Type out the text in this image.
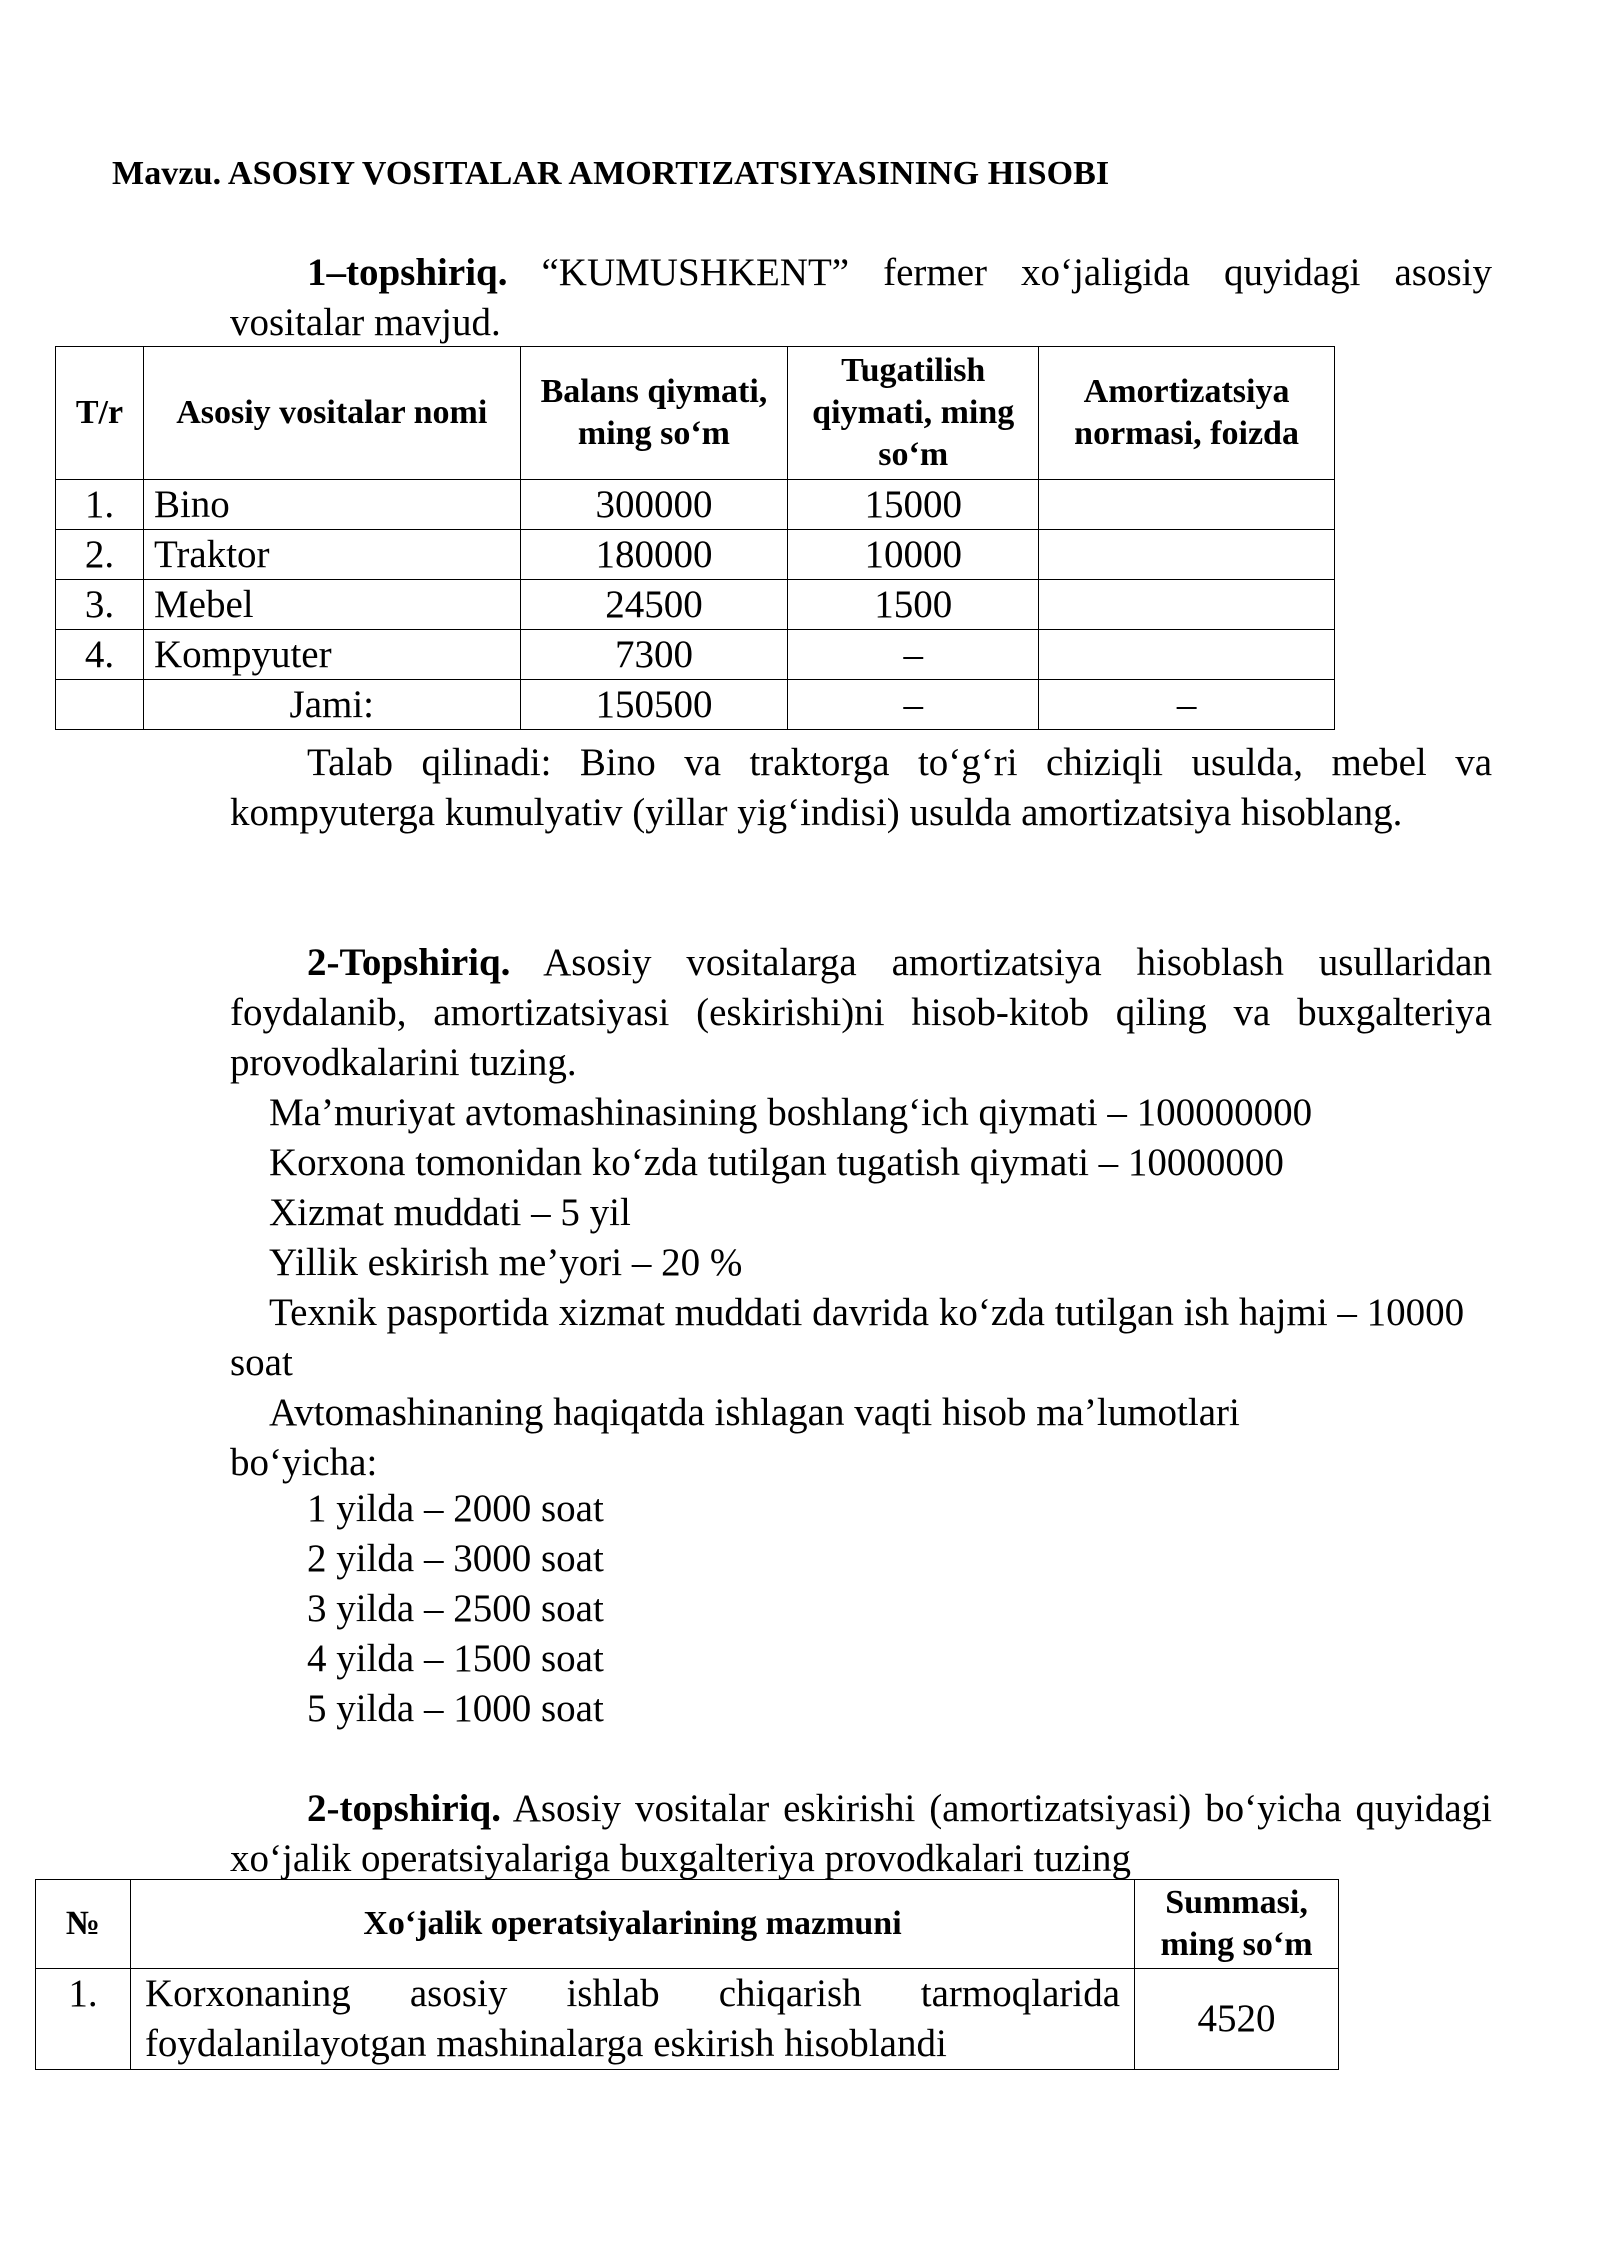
Mavzu. ASOSIY VOSITALAR AMORTIZATSIYASINING HISOBI

1–topshiriq. “KUMUSHKENT” fermer xo‘jaligida quyidagi asosiy vositalar mavjud.

Talab qilinadi: Bino va traktorga to‘g‘ri chiziqli usulda, mebel va kompyuterga kumulyativ (yillar yig‘indisi) usulda amortizatsiya hisoblang.

2-Topshiriq. Asosiy vositalarga amortizatsiya hisoblash usullaridan foydalanib, amortizatsiyasi (eskirishi)ni hisob-kitob qiling va buxgalteriya provodkalarini tuzing.

Ma’muriyat avtomashinasining boshlang‘ich qiymati – 100000000

Korxona tomonidan ko‘zda tutilgan tugatish qiymati – 10000000

Xizmat muddati – 5 yil

Yillik eskirish me’yori – 20 %

Texnik pasportida xizmat muddati davrida ko‘zda tutilgan ish hajmi – 10000 soat

Avtomashinaning haqiqatda ishlagan vaqti hisob ma’lumotlari bo‘yicha:

1 yilda – 2000 soat
2 yilda – 3000 soat
3 yilda – 2500 soat
4 yilda – 1500 soat
5 yilda – 1000 soat

2-topshiriq. Asosiy vositalar eskirishi (amortizatsiyasi) bo‘yicha quyidagi xo‘jalik operatsiyalariga buxgalteriya provodkalari tuzing

T/r	Asosiy vositalar nomi	Balans qiymati, ming so‘m	Tugatilish qiymati, ming so‘m	Amortizatsiya normasi, foizda
1.	Bino	300000	15000	
2.	Traktor	180000	10000	
3.	Mebel	24500	1500	
4.	Kompyuter	7300	–	
	Jami:	150500	–	–
№	Xo‘jalik operatsiyalarining mazmuni	Summasi, ming so‘m
1.	Korxonaning asosiy ishlab chiqarish tarmoqlarida foydalanilayotgan mashinalarga eskirish hisoblandi	4520
